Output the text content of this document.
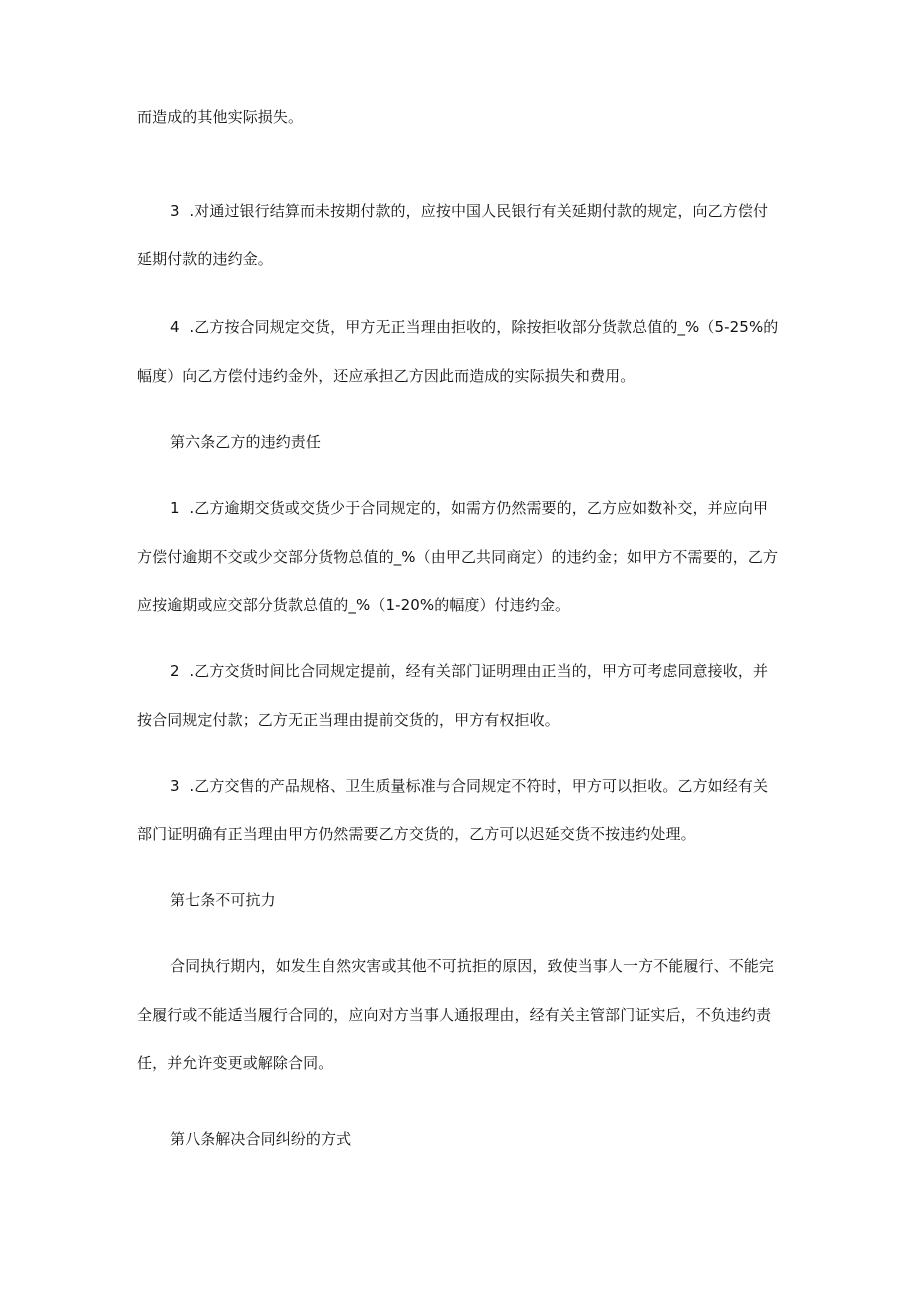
而造成的其他实际损失。
3  .对通过银行结算而未按期付款的，应按中国人民银行有关延期付款的规定，向乙方偿付
延期付款的违约金。
4  .乙方按合同规定交货，甲方无正当理由拒收的，除按拒收部分货款总值的_%（5-25%的
幅度）向乙方偿付违约金外，还应承担乙方因此而造成的实际损失和费用。
第六条乙方的违约责任
1  .乙方逾期交货或交货少于合同规定的，如需方仍然需要的，乙方应如数补交，并应向甲
方偿付逾期不交或少交部分货物总值的_%（由甲乙共同商定）的违约金；如甲方不需要的，乙方
应按逾期或应交部分货款总值的_%（1-20%的幅度）付违约金。
2  .乙方交货时间比合同规定提前，经有关部门证明理由正当的，甲方可考虑同意接收，并
按合同规定付款；乙方无正当理由提前交货的，甲方有权拒收。
3  .乙方交售的产品规格、卫生质量标准与合同规定不符时，甲方可以拒收。乙方如经有关
部门证明确有正当理由甲方仍然需要乙方交货的，乙方可以迟延交货不按违约处理。
第七条不可抗力
合同执行期内，如发生自然灾害或其他不可抗拒的原因，致使当事人一方不能履行、不能完
全履行或不能适当履行合同的，应向对方当事人通报理由，经有关主管部门证实后，不负违约责
任，并允许变更或解除合同。
第八条解决合同纠纷的方式
